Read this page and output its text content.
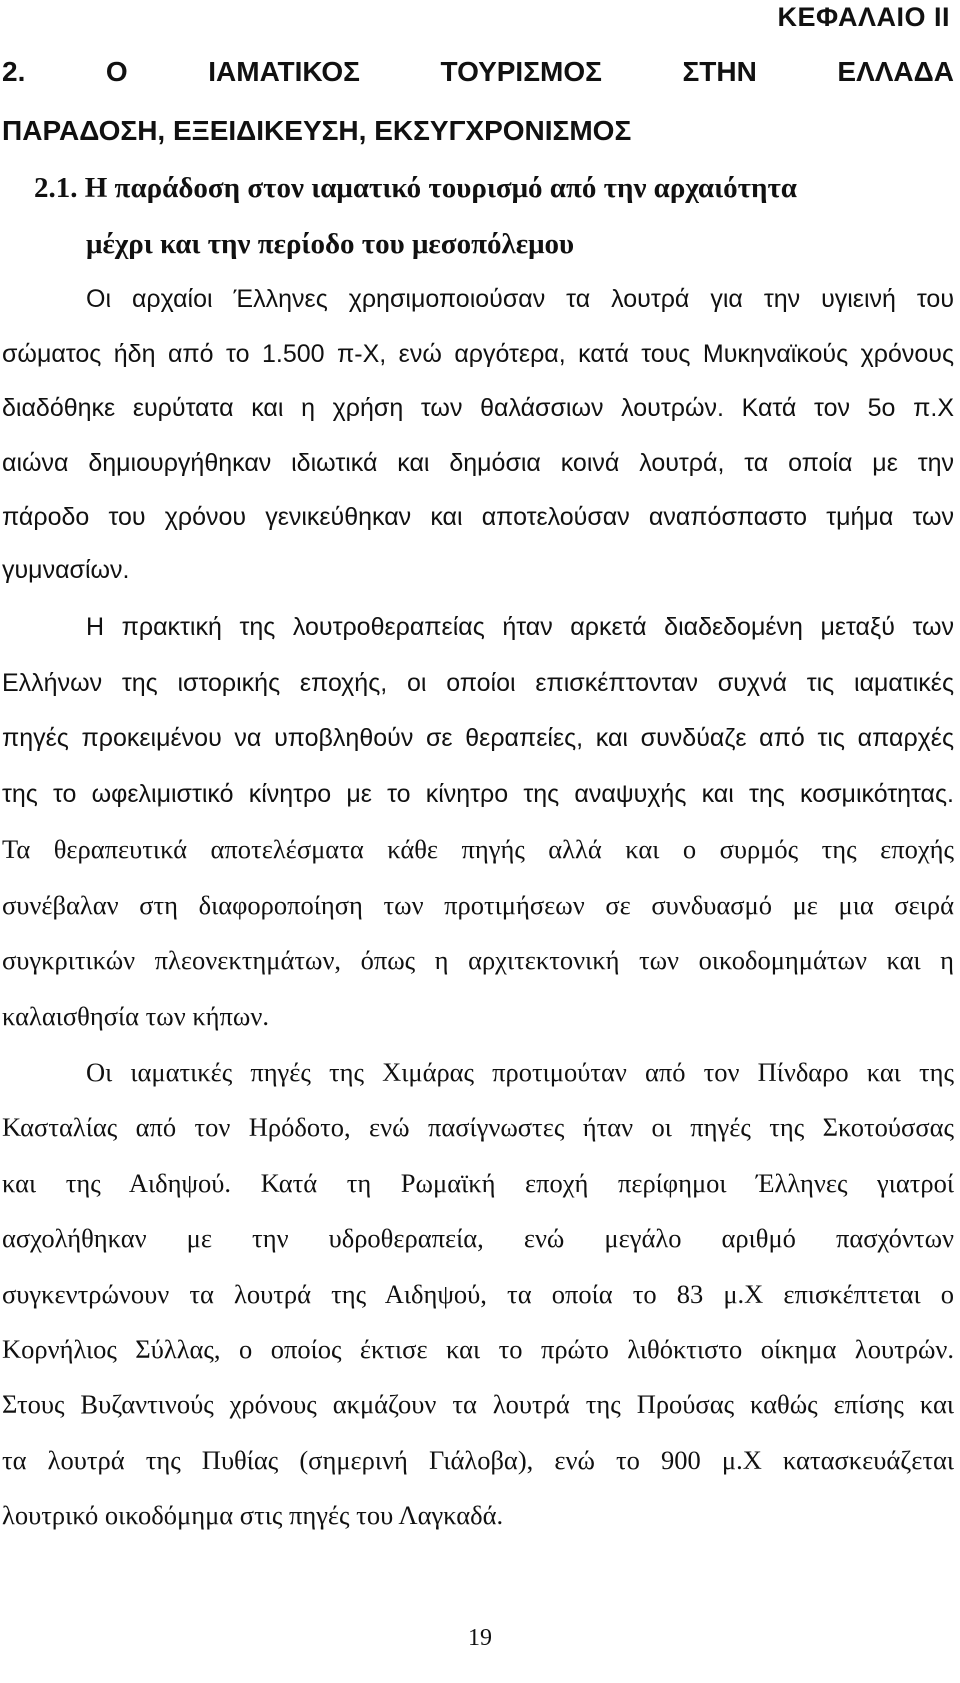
ΚΕΦΑΛΑΙΟ ΙΙ
2. Ο ΙΑΜΑΤΙΚΟΣ ΤΟΥΡΙΣΜΟΣ ΣΤΗΝ ΕΛΛΑΔΑ
ΠΑΡΑΔΟΣΗ, ΕΞΕΙΔΙΚΕΥΣΗ, ΕΚΣΥΓΧΡΟΝΙΣΜΟΣ
2.1. Η παράδοση στον ιαματικό τουρισμό από την αρχαιότητα
μέχρι και την περίοδο του μεσοπόλεμου
Οι αρχαίοι Έλληνες χρησιμοποιούσαν τα λουτρά για την υγιεινή του
σώματος ήδη από το 1.500 π-Χ, ενώ αργότερα, κατά τους Μυκηναϊκούς χρόνους
διαδόθηκε ευρύτατα και η χρήση των θαλάσσιων λουτρών. Κατά τον 5ο π.Χ
αιώνα δημιουργήθηκαν ιδιωτικά και δημόσια κοινά λουτρά, τα οποία με την
πάροδο του χρόνου γενικεύθηκαν και αποτελούσαν αναπόσπαστο τμήμα των
γυμνασίων.
Η πρακτική της λουτροθεραπείας ήταν αρκετά διαδεδομένη μεταξύ των
Ελλήνων της ιστορικής εποχής, οι οποίοι επισκέπτονταν συχνά τις ιαματικές
πηγές προκειμένου να υποβληθούν σε θεραπείες, και συνδύαζε από τις απαρχές
της το ωφελιμιστικό κίνητρο με το κίνητρο της αναψυχής και της κοσμικότητας.
Τα θεραπευτικά αποτελέσματα κάθε πηγής αλλά και ο συρμός της εποχής
συνέβαλαν στη διαφοροποίηση των προτιμήσεων σε συνδυασμό με μια σειρά
συγκριτικών πλεονεκτημάτων, όπως η αρχιτεκτονική των οικοδομημάτων και η
καλαισθησία των κήπων.
Οι ιαματικές πηγές της Χιμάρας προτιμούταν από τον Πίνδαρο και της
Κασταλίας από τον Ηρόδοτο, ενώ πασίγνωστες ήταν οι πηγές της Σκοτούσσας
και της Αιδηψού. Κατά τη Ρωμαϊκή εποχή περίφημοι Έλληνες γιατροί
ασχολήθηκαν με την υδροθεραπεία, ενώ μεγάλο αριθμό πασχόντων
συγκεντρώνουν τα λουτρά της Αιδηψού, τα οποία το 83 μ.Χ επισκέπτεται ο
Κορνήλιος Σύλλας, ο οποίος έκτισε και το πρώτο λιθόκτιστο οίκημα λουτρών.
Στους Βυζαντινούς χρόνους ακμάζουν τα λουτρά της Προύσας καθώς επίσης και
τα λουτρά της Πυθίας (σημερινή Γιάλοβα), ενώ το 900 μ.Χ κατασκευάζεται
λουτρικό οικοδόμημα στις πηγές του Λαγκαδά.
19
